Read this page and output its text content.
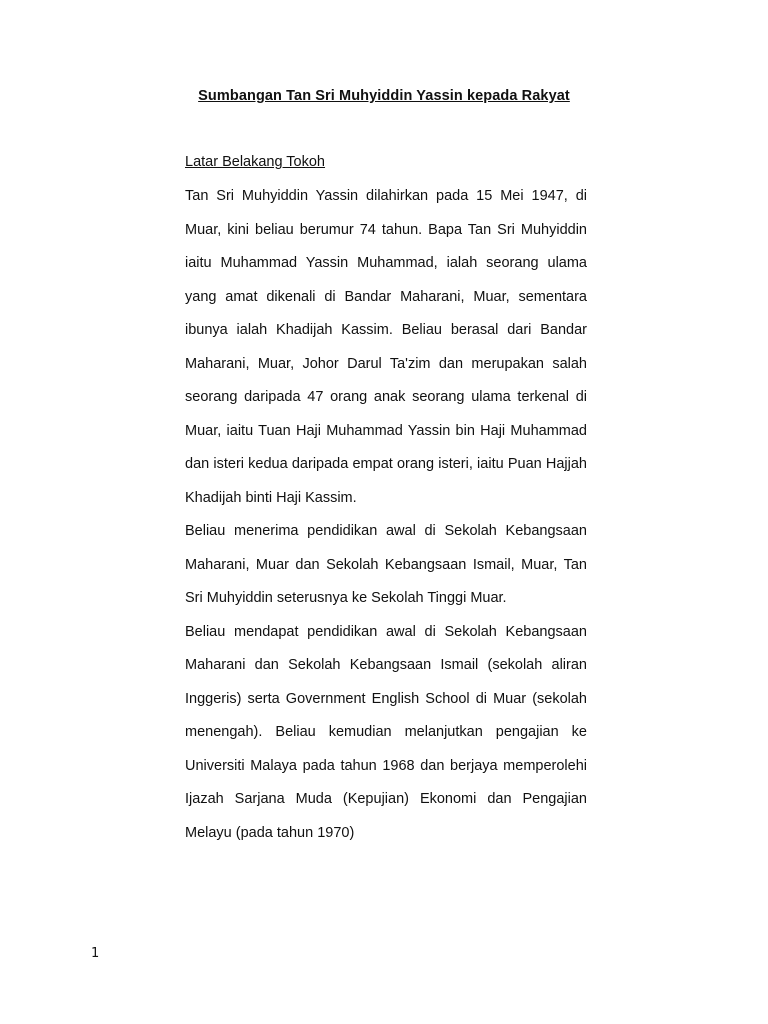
Sumbangan Tan Sri Muhyiddin Yassin kepada Rakyat
Latar Belakang Tokoh

Tan Sri Muhyiddin Yassin dilahirkan pada 15 Mei 1947, di Muar, kini beliau berumur 74 tahun. Bapa Tan Sri Muhyiddin iaitu Muhammad Yassin Muhammad, ialah seorang ulama yang amat dikenali di Bandar Maharani, Muar, sementara ibunya ialah Khadijah Kassim. Beliau berasal dari Bandar Maharani, Muar, Johor Darul Ta'zim dan merupakan salah seorang daripada 47 orang anak seorang ulama terkenal di Muar, iaitu Tuan Haji Muhammad Yassin bin Haji Muhammad dan isteri kedua daripada empat orang isteri, iaitu Puan Hajjah Khadijah binti Haji Kassim.

Beliau menerima pendidikan awal di Sekolah Kebangsaan Maharani, Muar dan Sekolah Kebangsaan Ismail, Muar, Tan Sri Muhyiddin seterusnya ke Sekolah Tinggi Muar.

Beliau mendapat pendidikan awal di Sekolah Kebangsaan Maharani dan Sekolah Kebangsaan Ismail (sekolah aliran Inggeris) serta Government English School di Muar (sekolah menengah). Beliau kemudian melanjutkan pengajian ke Universiti Malaya pada tahun 1968 dan berjaya memperolehi Ijazah Sarjana Muda (Kepujian) Ekonomi dan Pengajian Melayu (pada tahun 1970)

1
